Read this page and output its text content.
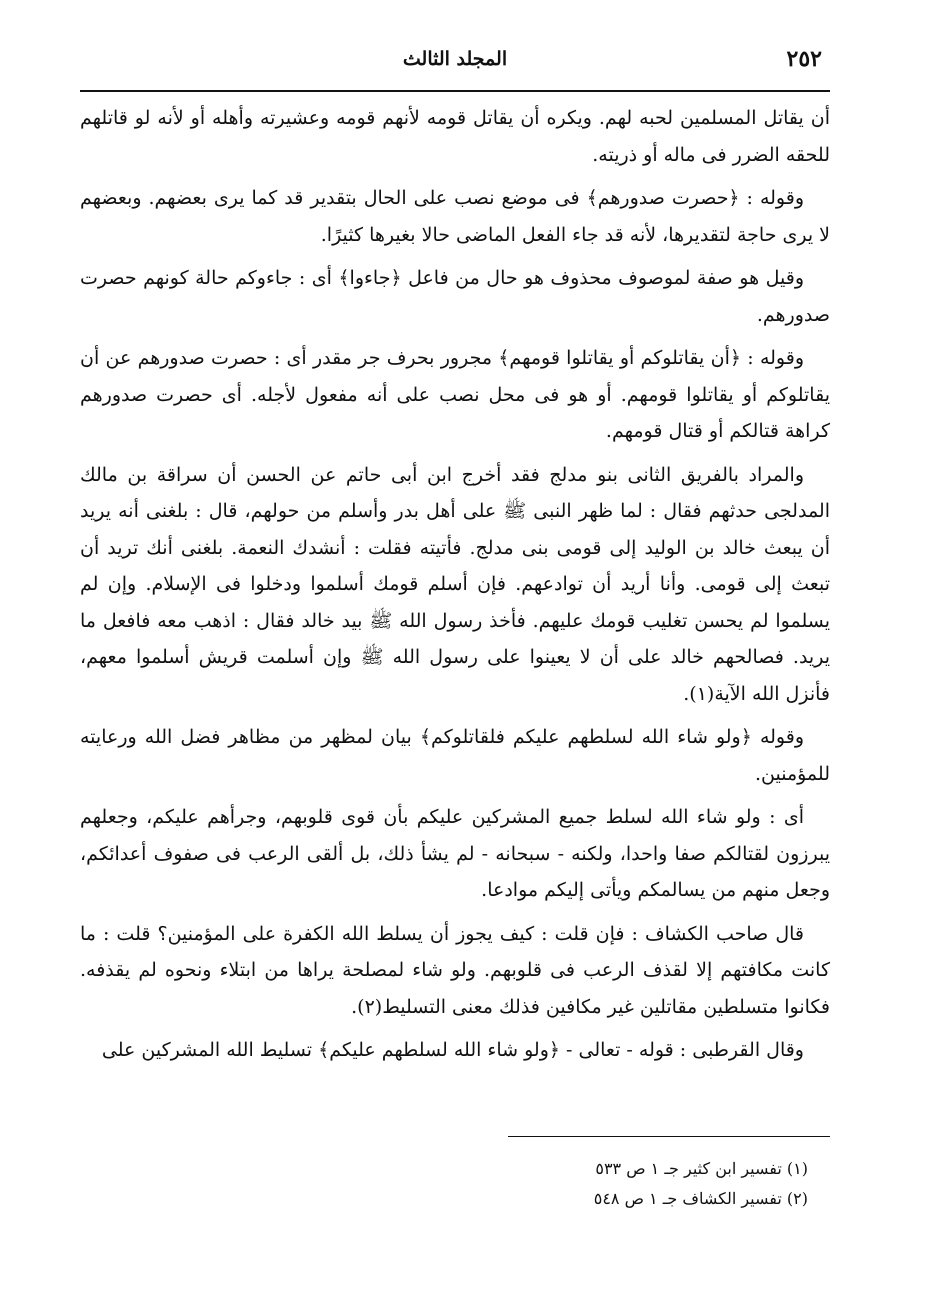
٢٥٢
المجلد الثالث

أن يقاتل المسلمين لحبه لهم. ويكره أن يقاتل قومه لأنهم قومه وعشيرته وأهله أو لأنه لو قاتلهم للحقه الضرر فى ماله أو ذريته.

وقوله : ﴿حصرت صدورهم﴾ فى موضع نصب على الحال بتقدير قد كما يرى بعضهم. وبعضهم لا يرى حاجة لتقديرها، لأنه قد جاء الفعل الماضى حالا بغيرها كثيرًا.

وقيل هو صفة لموصوف محذوف هو حال من فاعل ﴿جاءوا﴾ أى : جاءوكم حالة كونهم حصرت صدورهم.

وقوله : ﴿أن يقاتلوكم أو يقاتلوا قومهم﴾ مجرور بحرف جر مقدر أى : حصرت صدورهم عن أن يقاتلوكم أو يقاتلوا قومهم. أو هو فى محل نصب على أنه مفعول لأجله. أى حصرت صدورهم كراهة قتالكم أو قتال قومهم.

والمراد بالفريق الثانى بنو مدلج فقد أخرج ابن أبى حاتم عن الحسن أن سراقة بن مالك المدلجى حدثهم فقال : لما ظهر النبى ﷺ على أهل بدر وأسلم من حولهم، قال : بلغنى أنه يريد أن يبعث خالد بن الوليد إلى قومى بنى مدلج. فأتيته فقلت : أنشدك النعمة. بلغنى أنك تريد أن تبعث إلى قومى. وأنا أريد أن توادعهم. فإن أسلم قومك أسلموا ودخلوا فى الإسلام. وإن لم يسلموا لم يحسن تغليب قومك عليهم. فأخذ رسول الله ﷺ بيد خالد فقال : اذهب معه فافعل ما يريد. فصالحهم خالد على أن لا يعينوا على رسول الله ﷺ وإن أسلمت قريش أسلموا معهم، فأنزل الله الآية(١).

وقوله ﴿ولو شاء الله لسلطهم عليكم فلقاتلوكم﴾ بيان لمظهر من مظاهر فضل الله ورعايته للمؤمنين.

أى : ولو شاء الله لسلط جميع المشركين عليكم بأن قوى قلوبهم، وجرأهم عليكم، وجعلهم يبرزون لقتالكم صفا واحدا، ولكنه - سبحانه - لم يشأ ذلك، بل ألقى الرعب فى صفوف أعدائكم، وجعل منهم من يسالمكم ويأتى إليكم موادعا.

قال صاحب الكشاف : فإن قلت : كيف يجوز أن يسلط الله الكفرة على المؤمنين؟ قلت : ما كانت مكافتهم إلا لقذف الرعب فى قلوبهم. ولو شاء لمصلحة يراها من ابتلاء ونحوه لم يقذفه. فكانوا متسلطين مقاتلين غير مكافين فذلك معنى التسليط(٢).

وقال القرطبى : قوله - تعالى - ﴿ولو شاء الله لسلطهم عليكم﴾ تسليط الله المشركين على

(١) تفسير ابن كثير جـ ١ ص ٥٣٣
(٢) تفسير الكشاف جـ ١ ص ٥٤٨
